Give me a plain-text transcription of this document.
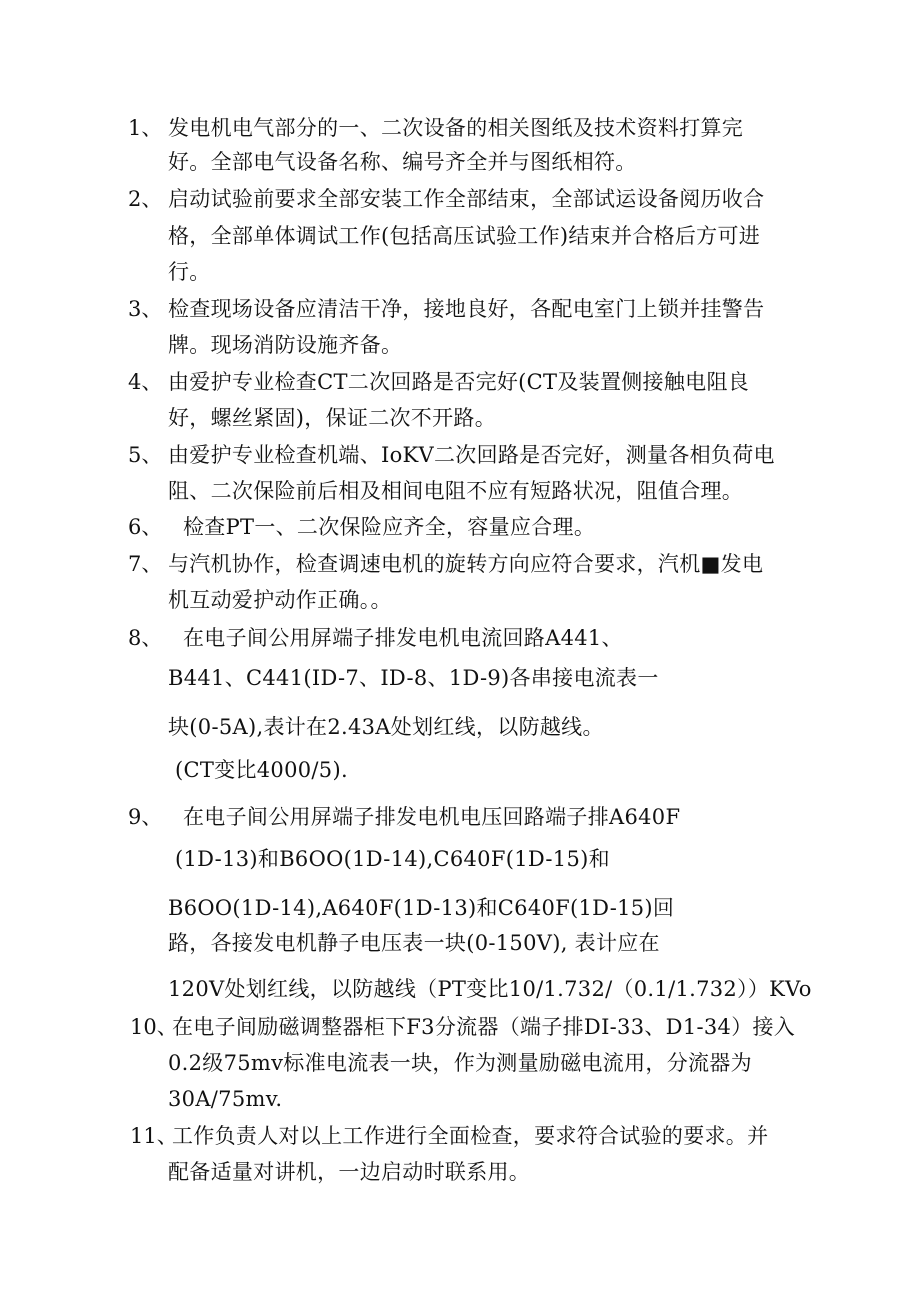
1、 发电机电气部分的一、二次设备的相关图纸及技术资料打算完
好。全部电气设备名称、编号齐全并与图纸相符。
2、 启动试验前要求全部安装工作全部结束，全部试运设备阅历收合
格，全部单体调试工作(包括高压试验工作)结束并合格后方可进
行。
3、 检查现场设备应清洁干净，接地良好，各配电室门上锁并挂警告
牌。现场消防设施齐备。
4、 由爱护专业检查CT二次回路是否完好(CT及装置侧接触电阻良
好，螺丝紧固)，保证二次不开路。
5、 由爱护专业检查机端、IoKV二次回路是否完好，测量各相负荷电
阻、二次保险前后相及相间电阻不应有短路状况，阻值合理。
6、 检查PT一、二次保险应齐全，容量应合理。
7、 与汽机协作，检查调速电机的旋转方向应符合要求，汽机■发电
机互动爱护动作正确。。
8、 在电子间公用屏端子排发电机电流回路A441、
B441、C441(ID-7、ID-8、1D-9)各串接电流表一
块(0-5A),表计在2.43A处划红线，以防越线。
(CT变比4000/5).
9、 在电子间公用屏端子排发电机电压回路端子排A640F
(1D-13)和B6OO(1D-14),C640F(1D-15)和
B6OO(1D-14),A640F(1D-13)和C640F(1D-15)回
路，各接发电机静子电压表一块(0-150V), 表计应在
120V处划红线，以防越线（PT变比10/1.732/（0.1/1.732））KVo
10、
在电子间励磁调整器柜下F3分流器（端子排DI-33、D1-34）接入
0.2级75mv标准电流表一块，作为测量励磁电流用，分流器为
30A/75mv.
11、
工作负责人对以上工作进行全面检查，要求符合试验的要求。并
配备适量对讲机，一边启动时联系用。
